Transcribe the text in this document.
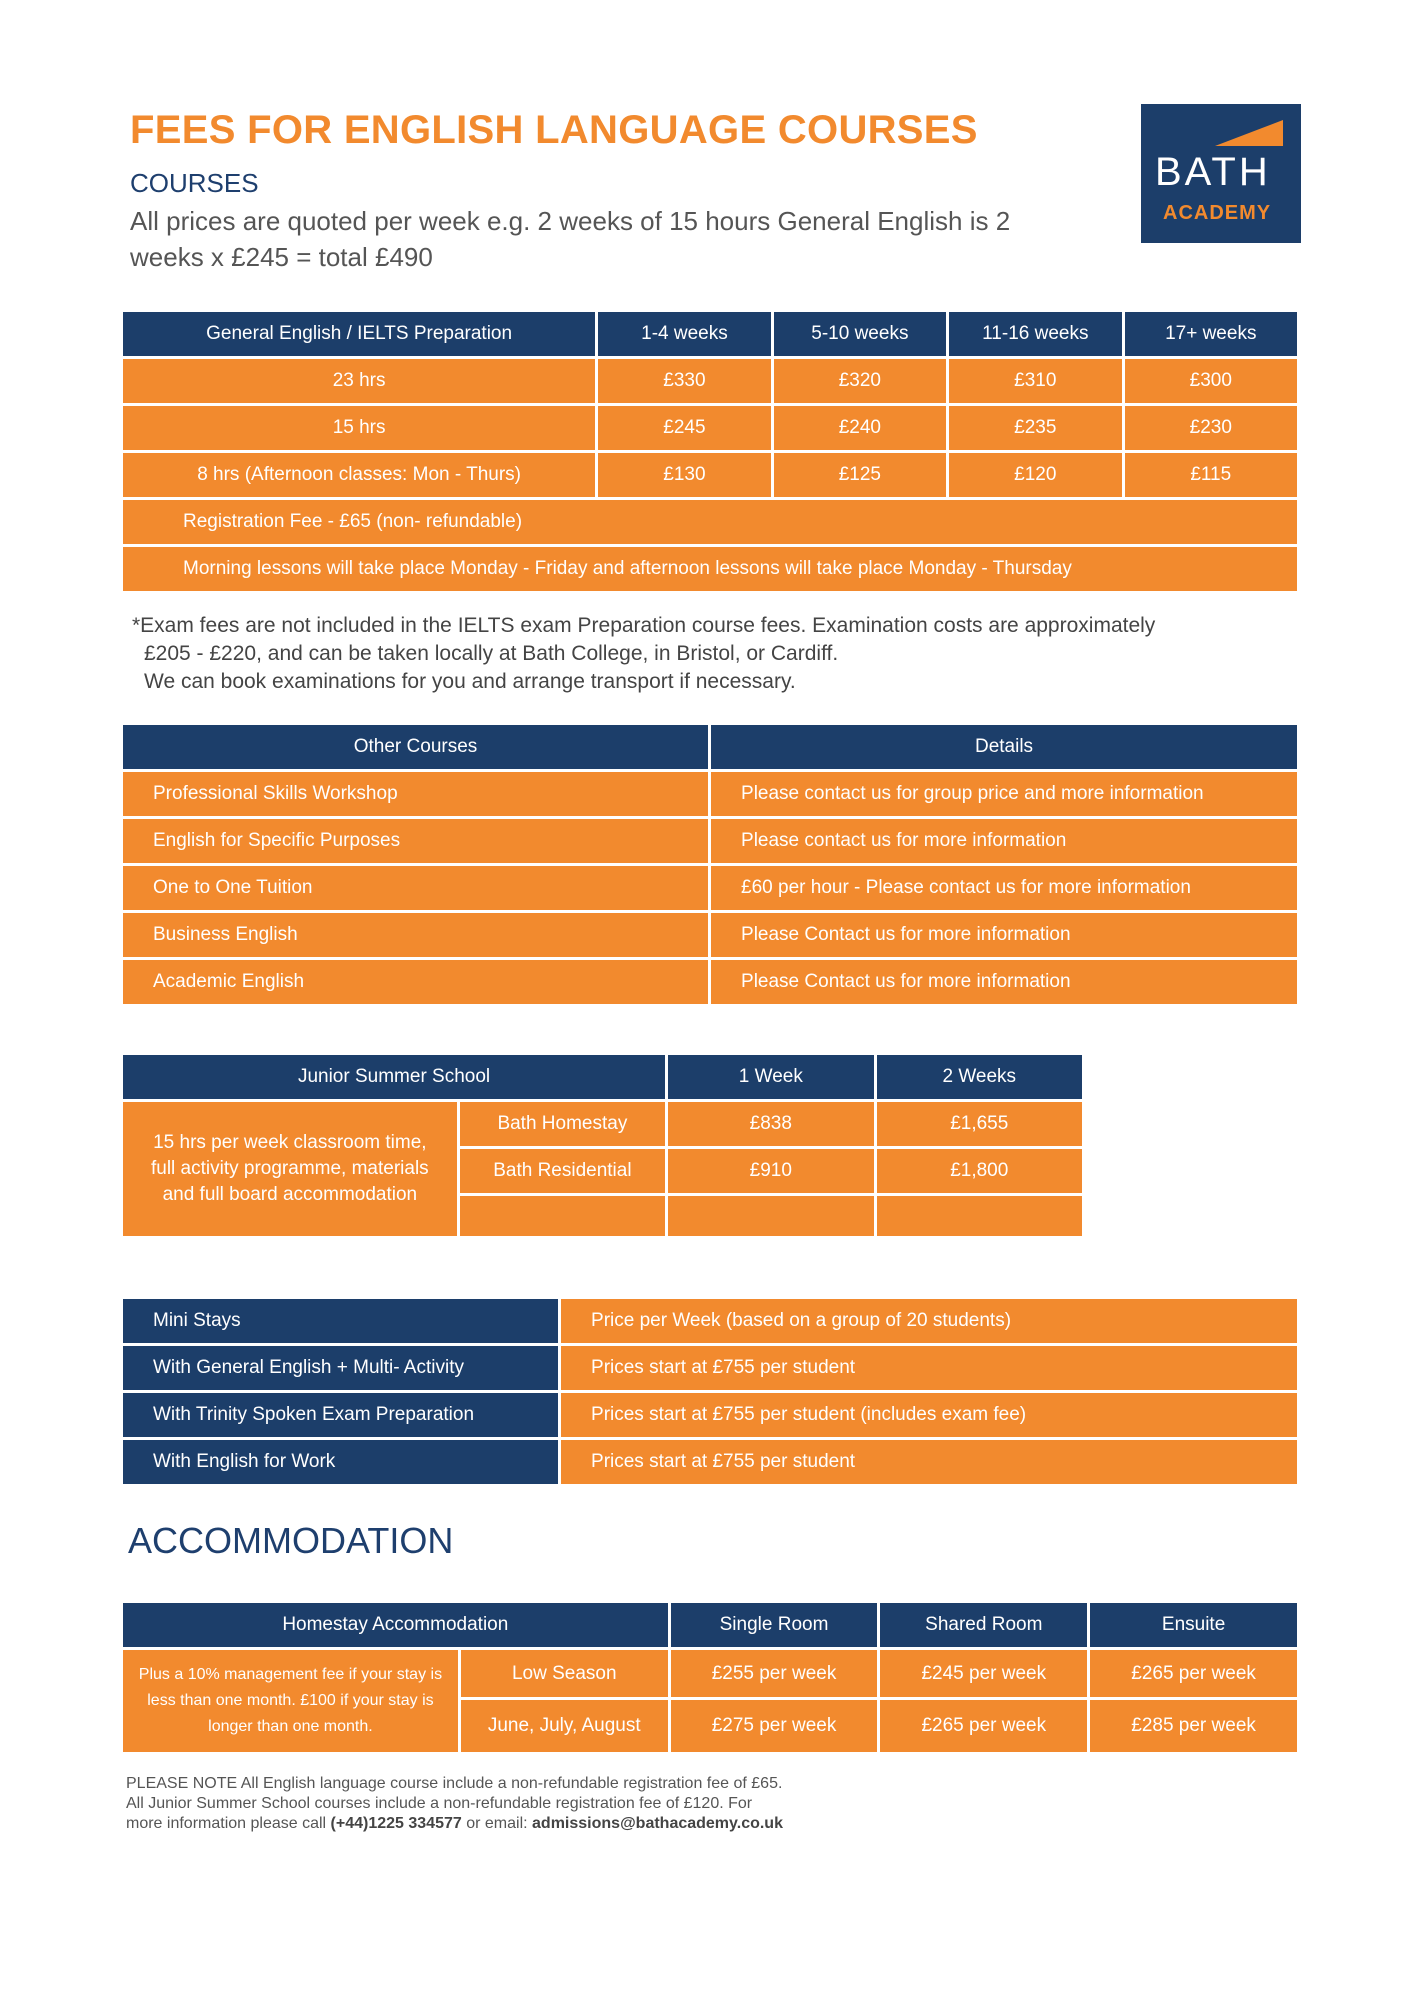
FEES FOR ENGLISH LANGUAGE COURSES
COURSES
All prices are quoted per week e.g. 2 weeks of 15 hours General English is 2 weeks x £245 = total £490
BATH
ACADEMY
General English / IELTS Preparation	1-4 weeks	5-10 weeks	11-16 weeks	17+ weeks
23 hrs	£330	£320	£310	£300
15 hrs	£245	£240	£235	£230
8 hrs (Afternoon classes: Mon - Thurs)	£130	£125	£120	£115
Registration Fee - £65 (non- refundable)				
Morning lessons will take place Monday - Friday and afternoon lessons will take place Monday - Thursday				
*Exam fees are not included in the IELTS exam Preparation course fees. Examination costs are approximately
£205 - £220, and can be taken locally at Bath College, in Bristol, or Cardiff.
We can book examinations for you and arrange transport if necessary.
Other Courses	Details
Professional Skills Workshop	Please contact us for group price and more information
English for Specific Purposes	Please contact us for more information
One to One Tuition	£60 per hour - Please contact us for more information
Business English	Please Contact us for more information
Academic English	Please Contact us for more information
Junior Summer School		1 Week	2 Weeks
15 hrs per week classroom time, full activity programme, materials and full board accommodation	Bath Homestay	£838	£1,655
	Bath Residential	£910	£1,800

Mini Stays	Price per Week (based on a group of 20 students)
With General English + Multi- Activity	Prices start at £755 per student
With Trinity Spoken Exam Preparation	Prices start at £755 per student (includes exam fee)
With English for Work	Prices start at £755 per student
ACCOMMODATION
Homestay Accommodation		Single Room	Shared Room	Ensuite
Plus a 10% management fee if your stay is less than one month. £100 if your stay is longer than one month.	Low Season	£255 per week	£245 per week	£265 per week
	June, July, August	£275 per week	£265 per week	£285 per week
PLEASE NOTE All English language course include a non-refundable registration fee of £65.
All Junior Summer School courses include a non-refundable registration fee of £120. For
more information please call (+44)1225 334577 or email: admissions@bathacademy.co.uk
